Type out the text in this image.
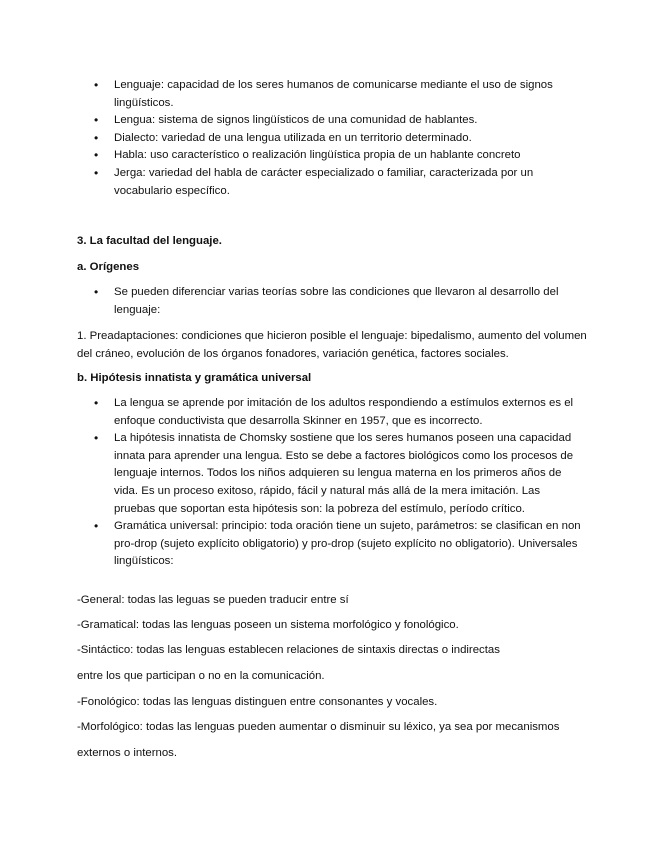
• Lenguaje: capacidad de los seres humanos de comunicarse mediante el uso de signos lingüísticos.
• Lengua: sistema de signos lingüísticos de una comunidad de hablantes.
• Dialecto: variedad de una lengua utilizada en un territorio determinado.
• Habla: uso característico o realización lingüística propia de un hablante concreto
• Jerga: variedad del habla de carácter especializado o familiar, caracterizada por un vocabulario específico.
3. La facultad del lenguaje.
a. Orígenes
• Se pueden diferenciar varias teorías sobre las condiciones que llevaron al desarrollo del lenguaje:
1. Preadaptaciones: condiciones que hicieron posible el lenguaje: bipedalismo, aumento del volumen del cráneo, evolución de los órganos fonadores, variación genética, factores sociales.
b. Hipótesis innatista y gramática universal
• La lengua se aprende por imitación de los adultos respondiendo a estímulos externos es el enfoque conductivista que desarrolla Skinner en 1957, que es incorrecto.
• La hipótesis innatista de Chomsky sostiene que los seres humanos poseen una capacidad innata para aprender una lengua. Esto se debe a factores biológicos como los procesos de lenguaje internos. Todos los niños adquieren su lengua materna en los primeros años de vida. Es un proceso exitoso, rápido, fácil y natural más allá de la mera imitación. Las pruebas que soportan esta hipótesis son: la pobreza del estímulo, período crítico.
• Gramática universal: principio: toda oración tiene un sujeto, parámetros: se clasifican en non pro-drop (sujeto explícito obligatorio) y pro-drop (sujeto explícito no obligatorio). Universales lingüísticos:
-General: todas las leguas se pueden traducir entre sí
-Gramatical: todas las lenguas poseen un sistema morfológico y fonológico.
-Sintáctico: todas las lenguas establecen relaciones de sintaxis directas o indirectas
entre los que participan o no en la comunicación.
-Fonológico: todas las lenguas distinguen entre consonantes y vocales.
-Morfológico: todas las lenguas pueden aumentar o disminuir su léxico, ya sea por mecanismos
externos o internos.
